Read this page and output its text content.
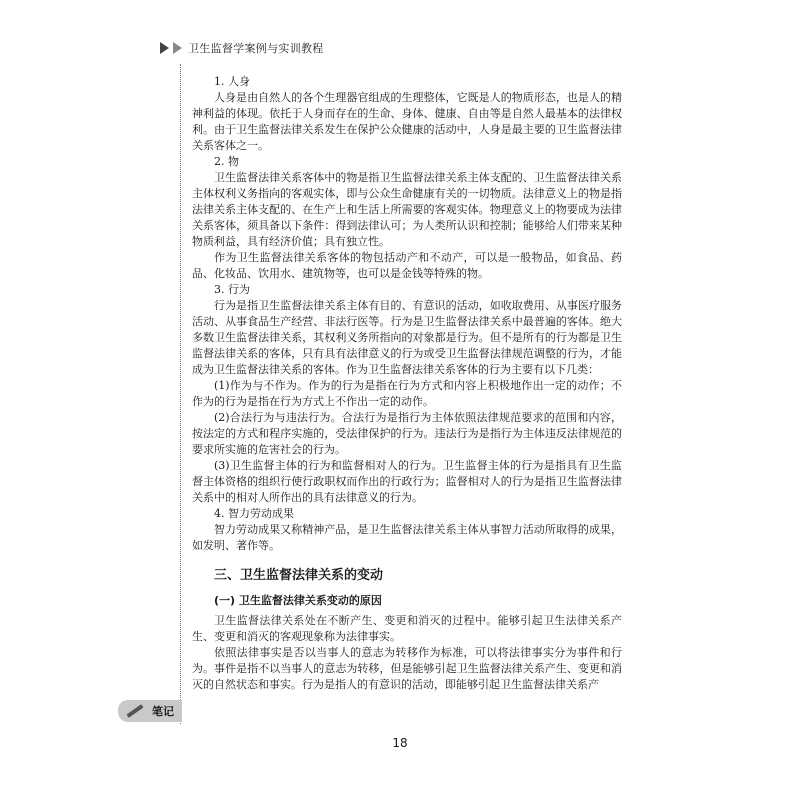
卫生监督学案例与实训教程
笔记

1. 人身

人身是由自然人的各个生理器官组成的生理整体，它既是人的物质形态，也是人的精神利益的体现。依托于人身而存在的生命、身体、健康、自由等是自然人最基本的法律权利。由于卫生监督法律关系发生在保护公众健康的活动中，人身是最主要的卫生监督法律关系客体之一。

2. 物

卫生监督法律关系客体中的物是指卫生监督法律关系主体支配的、卫生监督法律关系主体权利义务指向的客观实体，即与公众生命健康有关的一切物质。法律意义上的物是指法律关系主体支配的、在生产上和生活上所需要的客观实体。物理意义上的物要成为法律关系客体，须具备以下条件：得到法律认可；为人类所认识和控制；能够给人们带来某种物质利益，具有经济价值；具有独立性。

作为卫生监督法律关系客体的物包括动产和不动产，可以是一般物品，如食品、药品、化妆品、饮用水、建筑物等，也可以是金钱等特殊的物。

3. 行为

行为是指卫生监督法律关系主体有目的、有意识的活动，如收取费用、从事医疗服务活动、从事食品生产经营、非法行医等。行为是卫生监督法律关系中最普遍的客体。绝大多数卫生监督法律关系，其权利义务所指向的对象都是行为。但不是所有的行为都是卫生监督法律关系的客体，只有具有法律意义的行为或受卫生监督法律规范调整的行为，才能成为卫生监督法律关系的客体。作为卫生监督法律关系客体的行为主要有以下几类：

(1)作为与不作为。作为的行为是指在行为方式和内容上积极地作出一定的动作；不作为的行为是指在行为方式上不作出一定的动作。

(2)合法行为与违法行为。合法行为是指行为主体依照法律规范要求的范围和内容，按法定的方式和程序实施的，受法律保护的行为。违法行为是指行为主体违反法律规范的要求所实施的危害社会的行为。

(3)卫生监督主体的行为和监督相对人的行为。卫生监督主体的行为是指具有卫生监督主体资格的组织行使行政职权而作出的行政行为；监督相对人的行为是指卫生监督法律关系中的相对人所作出的具有法律意义的行为。

4. 智力劳动成果

智力劳动成果又称精神产品，是卫生监督法律关系主体从事智力活动所取得的成果，如发明、著作等。

三、卫生监督法律关系的变动
(一) 卫生监督法律关系变动的原因

卫生监督法律关系处在不断产生、变更和消灭的过程中。能够引起卫生法律关系产生、变更和消灭的客观现象称为法律事实。

依照法律事实是否以当事人的意志为转移作为标准，可以将法律事实分为事件和行为。事件是指不以当事人的意志为转移，但是能够引起卫生监督法律关系产生、变更和消灭的自然状态和事实。行为是指人的有意识的活动，即能够引起卫生监督法律关系产

18
